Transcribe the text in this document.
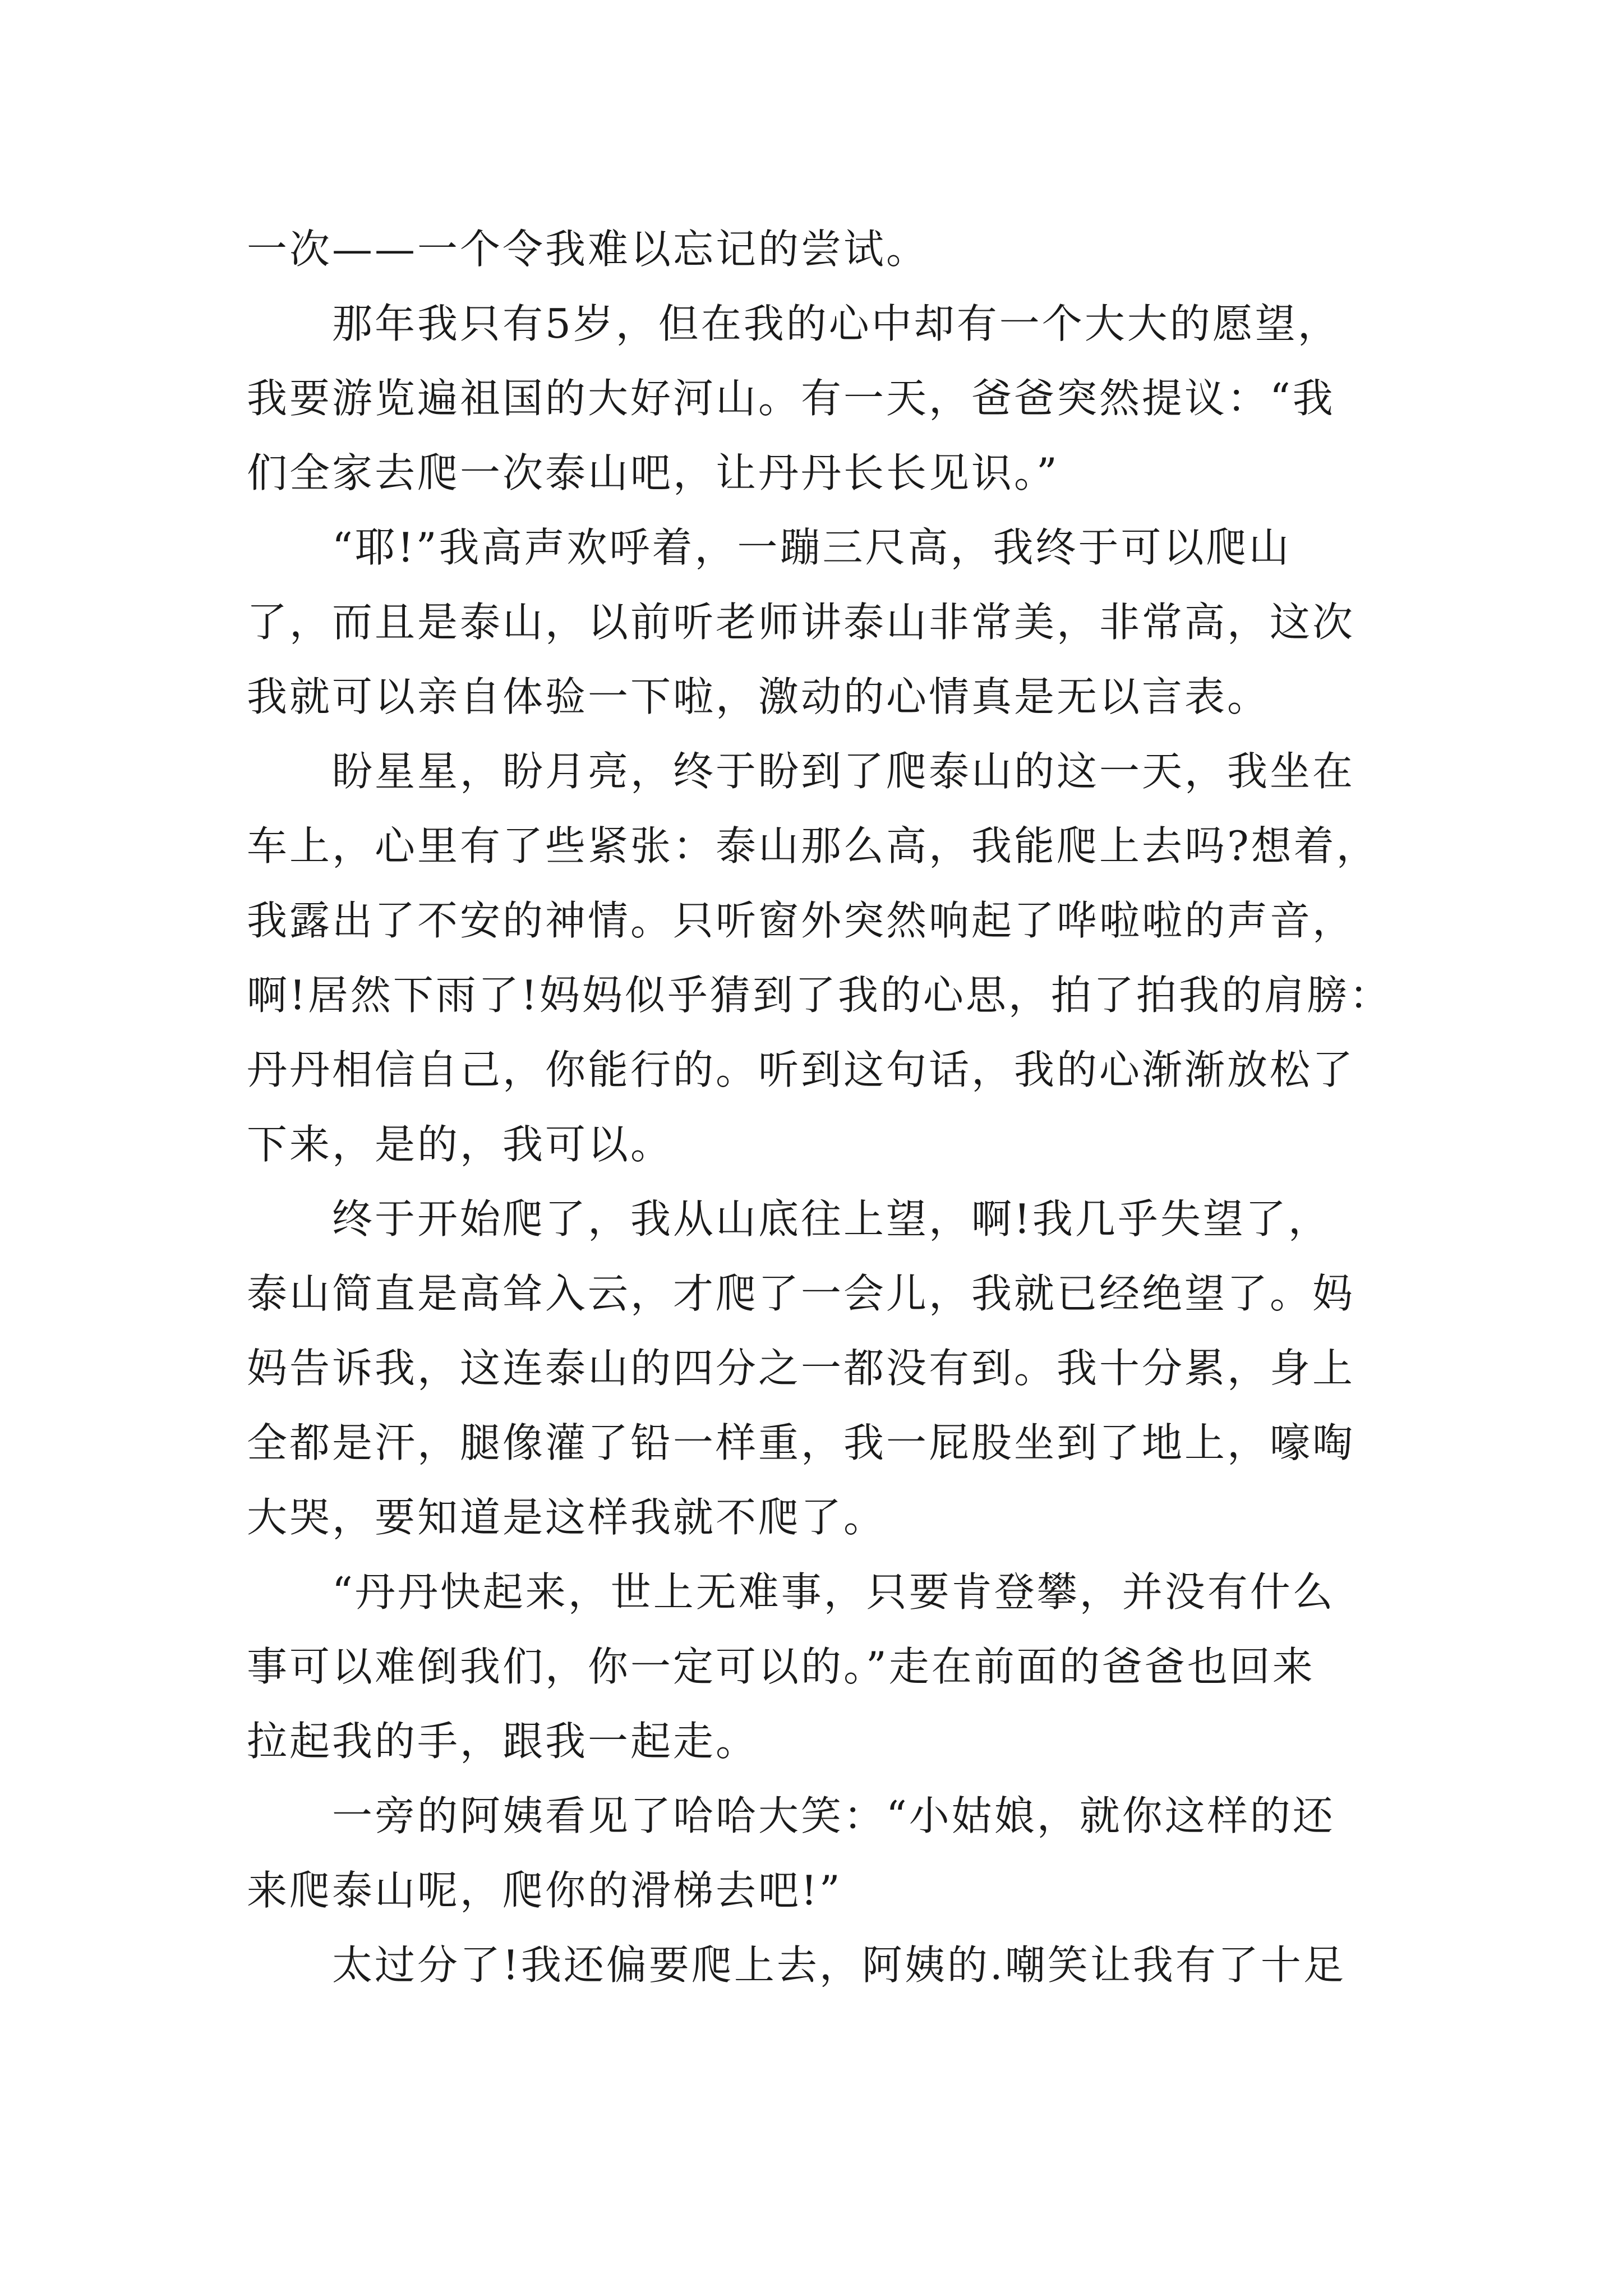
一次——一个令我难以忘记的尝试。
　　那年我只有5岁，但在我的心中却有一个大大的愿望，
我要游览遍祖国的大好河山。有一天，爸爸突然提议：“我
们全家去爬一次泰山吧，让丹丹长长见识。”
　　“耶!”我高声欢呼着，一蹦三尺高，我终于可以爬山
了，而且是泰山，以前听老师讲泰山非常美，非常高，这次
我就可以亲自体验一下啦，激动的心情真是无以言表。
　　盼星星，盼月亮，终于盼到了爬泰山的这一天，我坐在
车上，心里有了些紧张：泰山那么高，我能爬上去吗?想着，
我露出了不安的神情。只听窗外突然响起了哗啦啦的声音，
啊!居然下雨了!妈妈似乎猜到了我的心思，拍了拍我的肩膀：
丹丹相信自己，你能行的。听到这句话，我的心渐渐放松了
下来，是的，我可以。
　　终于开始爬了，我从山底往上望，啊!我几乎失望了，
泰山简直是高耸入云，才爬了一会儿，我就已经绝望了。妈
妈告诉我，这连泰山的四分之一都没有到。我十分累，身上
全都是汗，腿像灌了铅一样重，我一屁股坐到了地上，嚎啕
大哭，要知道是这样我就不爬了。
　　“丹丹快起来，世上无难事，只要肯登攀，并没有什么
事可以难倒我们，你一定可以的。”走在前面的爸爸也回来
拉起我的手，跟我一起走。
　　一旁的阿姨看见了哈哈大笑：“小姑娘，就你这样的还
来爬泰山呢，爬你的滑梯去吧!”
　　太过分了!我还偏要爬上去，阿姨的.嘲笑让我有了十足
